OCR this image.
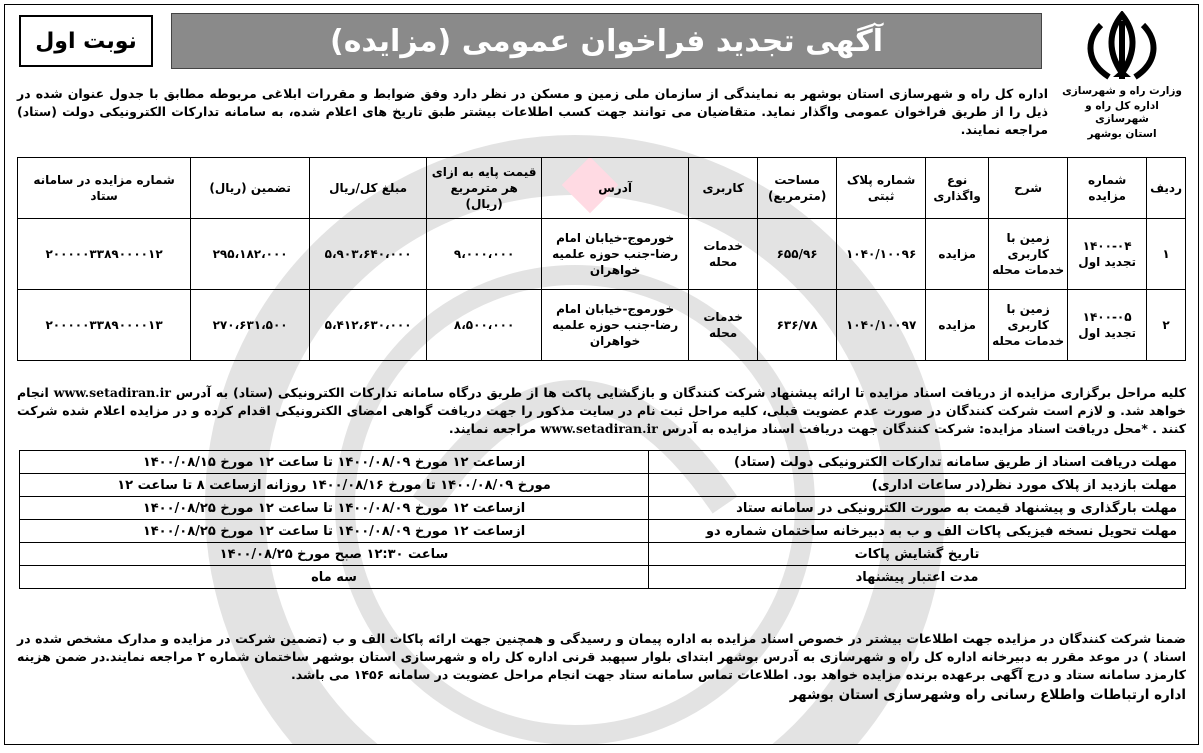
وزارت راه و شهرسازی
اداره کل راه و شهرسازی
استان بوشهر
آگهی تجدید فراخوان عمومی (مزایده)
نوبت اول
اداره کل راه و شهرسازی استان بوشهر به نمایندگی از سازمان ملی زمین و مسکن در نظر دارد وفق ضوابط و مقررات ابلاغی مربوطه مطابق با جدول عنوان شده در ذیل را از طریق فراخوان عمومی واگذار نماید. متقاضیان می توانند جهت کسب اطلاعات بیشتر طبق تاریخ های اعلام شده، به سامانه تدارکات الکترونیکی دولت (ستاد) مراجعه نمایند.
ردیف	شماره مزایده	شرح	نوع واگذاری	شماره پلاک ثبتی	مساحت (مترمربع)	کاربری	آدرس	قیمت پایه به ازای هر مترمربع (ریال)	مبلغ کل/ریال	تضمین (ریال)	شماره مزایده در سامانه ستاد
۱	۱۴۰۰-۰۴ تجدید اول	زمین با کاربری خدمات محله	مزایده	۱۰۴۰/۱۰۰۹۶	۶۵۵/۹۶	خدمات محله	خورموج-خیابان امام رضا-جنب حوزه علمیه خواهران	۹،۰۰۰،۰۰۰	۵،۹۰۳،۶۴۰،۰۰۰	۲۹۵،۱۸۲،۰۰۰	۲۰۰۰۰۰۳۳۸۹۰۰۰۰۱۲
۲	۱۴۰۰-۰۵ تجدید اول	زمین با کاربری خدمات محله	مزایده	۱۰۴۰/۱۰۰۹۷	۶۳۶/۷۸	خدمات محله	خورموج-خیابان امام رضا-جنب حوزه علمیه خواهران	۸،۵۰۰،۰۰۰	۵،۴۱۲،۶۳۰،۰۰۰	۲۷۰،۶۳۱،۵۰۰	۲۰۰۰۰۰۳۳۸۹۰۰۰۰۱۳
کلیه مراحل برگزاری مزایده از دریافت اسناد مزایده تا ارائه پیشنهاد شرکت کنندگان و بازگشایی پاکت ها از طریق درگاه سامانه تدارکات الکترونیکی (ستاد) به آدرس www.setadiran.ir انجام خواهد شد. و لازم است شرکت کنندگان در صورت عدم عضویت قبلی، کلیه مراحل ثبت نام در سایت مذکور را جهت دریافت گواهی امضای الکترونیکی اقدام کرده و در مزایده اعلام شده شرکت کنند . *محل دریافت اسناد مزایده: شرکت کنندگان جهت دریافت اسناد مزایده به آدرس www.setadiran.ir مراجعه نمایند.
مهلت دریافت اسناد از طریق سامانه تدارکات الکترونیکی دولت (ستاد)	ازساعت ۱۲ مورخ ۱۴۰۰/۰۸/۰۹ تا ساعت ۱۲ مورخ ۱۴۰۰/۰۸/۱۵
مهلت بازدید از پلاک مورد نظر(در ساعات اداری)	مورخ ۱۴۰۰/۰۸/۰۹ تا مورخ ۱۴۰۰/۰۸/۱۶ روزانه ازساعت ۸ تا ساعت ۱۲
مهلت بارگذاری و پیشنهاد قیمت به صورت الکترونیکی در سامانه ستاد	ازساعت ۱۲ مورخ ۱۴۰۰/۰۸/۰۹ تا ساعت ۱۲ مورخ ۱۴۰۰/۰۸/۲۵
مهلت تحویل نسخه فیزیکی پاکات الف و ب به دبیرخانه ساختمان شماره دو	ازساعت ۱۲ مورخ ۱۴۰۰/۰۸/۰۹ تا ساعت ۱۲ مورخ ۱۴۰۰/۰۸/۲۵
تاریخ گشایش پاکات	ساعت ۱۲:۳۰ صبح مورخ ۱۴۰۰/۰۸/۲۵
مدت اعتبار پیشنهاد	سه ماه
ضمنا شرکت کنندگان در مزایده جهت اطلاعات بیشتر در خصوص اسناد مزایده به اداره پیمان و رسیدگی و همچنین جهت ارائه پاکات الف و ب (تضمین شرکت در مزایده و مدارک مشخص شده در اسناد ) در موعد مقرر به دبیرخانه اداره کل راه و شهرسازی به آدرس بوشهر ابتدای بلوار سپهبد قرنی اداره کل راه و شهرسازی استان بوشهر ساختمان شماره ۲ مراجعه نمایند.در ضمن هزینه کارمزد سامانه ستاد و درج آگهی برعهده برنده مزایده خواهد بود. اطلاعات تماس سامانه ستاد جهت انجام مراحل عضویت در سامانه ۱۴۵۶ می باشد.
اداره ارتباطات واطلاع رسانی راه وشهرسازی استان بوشهر
